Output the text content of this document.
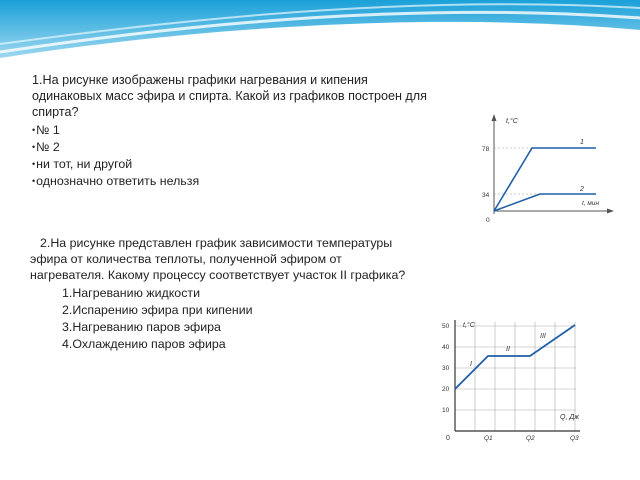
1.На рисунке изображены графики нагревания и кипения
одинаковых масс эфира и спирта. Какой из графиков построен для
спирта?
• № 1
• № 2
• ни тот, ни другой
• однозначно ответить нельзя
t,°С
t, мин
78
34
0
1
2
2.На рисунке представлен график зависимости температуры
эфира от количества теплоты, полученной эфиром от
нагревателя. Какому процессу соответствует участок II графика?
1.Нагреванию жидкости
2.Испарению эфира при кипении
3.Нагреванию паров эфира
4.Охлаждению паров эфира
t,°С
Q, Дж
50
40
30
20
10
0	Q1	Q2	Q3
I
II
III
